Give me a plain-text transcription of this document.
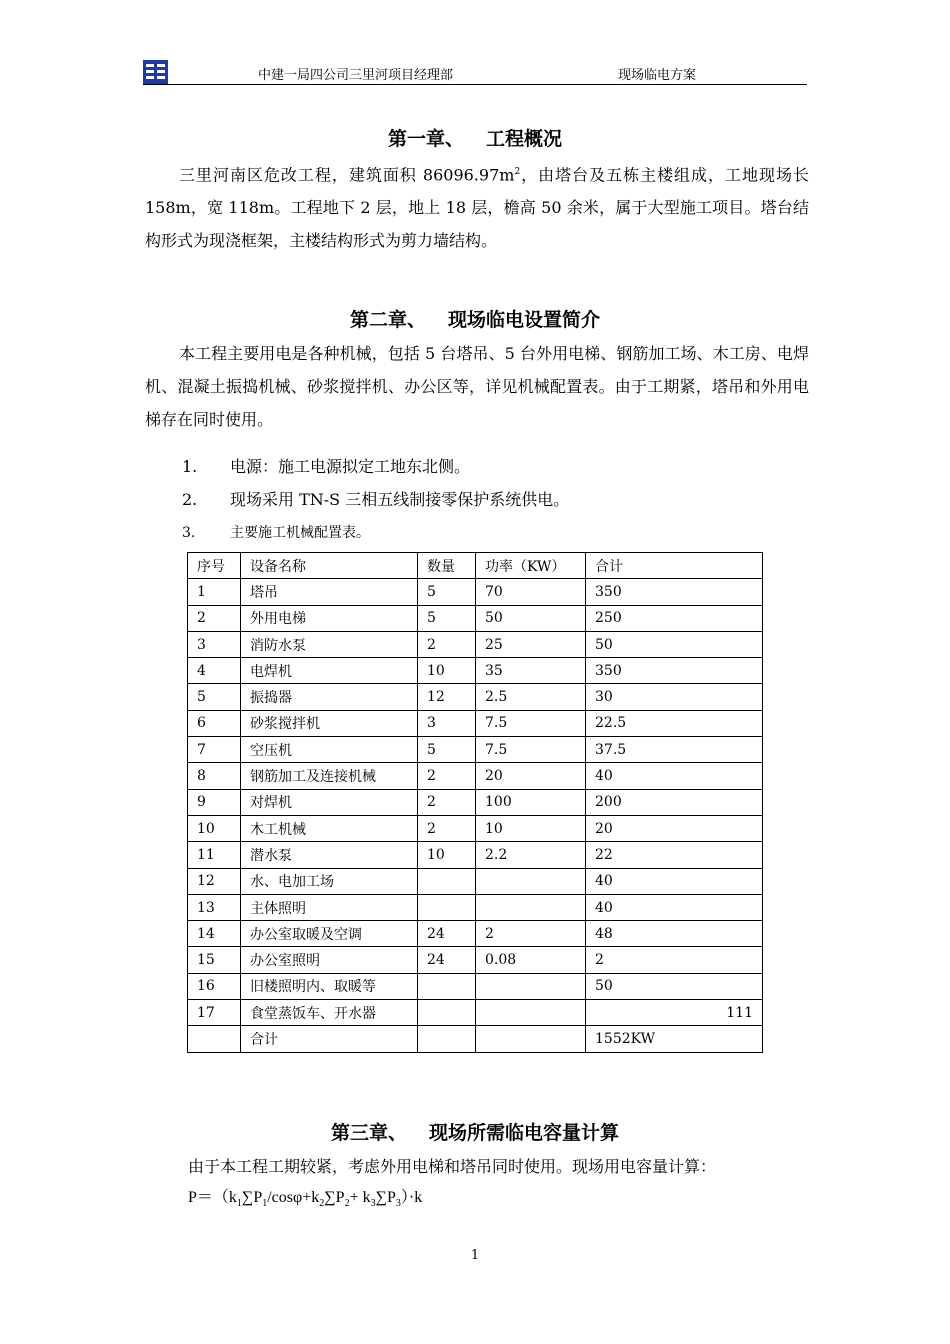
中建一局四公司三里河项目经理部	现场临电方案
第一章、 工程概况
三里河南区危改工程，建筑面积 $86096.97m^2$，由塔台及五栋主楼组成，工地现场长 158m，宽 118m。工程地下 2 层，地上 18 层，檐高 50 余米，属于大型施工项目。塔台结构形式为现浇框架，主楼结构形式为剪力墙结构。
第二章、 现场临电设置简介
本工程主要用电是各种机械，包括 5 台塔吊、5 台外用电梯、钢筋加工场、木工房、电焊机、混凝土振捣机械、砂浆搅拌机、办公区等，详见机械配置表。由于工期紧，塔吊和外用电梯存在同时使用。
1. 电源：施工电源拟定工地东北侧。
2. 现场采用 TN-S 三相五线制接零保护系统供电。
3. 主要施工机械配置表。
序号	设备名称	数量	功率（KW）	合计
1	塔吊	5	70	350
2	外用电梯	5	50	250
3	消防水泵	2	25	50
4	电焊机	10	35	350
5	振捣器	12	2.5	30
6	砂浆搅拌机	3	7.5	22.5
7	空压机	5	7.5	37.5
8	钢筋加工及连接机械	2	20	40
9	对焊机	2	100	200
10	木工机械	2	10	20
11	潜水泵	10	2.2	22
12	水、电加工场			40
13	主体照明			40
14	办公室取暖及空调	24	2	48
15	办公室照明	24	0.08	2
16	旧楼照明内、取暖等			50
17	食堂蒸饭车、开水器			111
	合计			1552KW
第三章、 现场所需临电容量计算
由于本工程工期较紧，考虑外用电梯和塔吊同时使用。现场用电容量计算：
$P=(k_1\sum P_1/\cos\varphi+k_2\sum P_2+ k_3\sum P_3)\cdot k$
1
